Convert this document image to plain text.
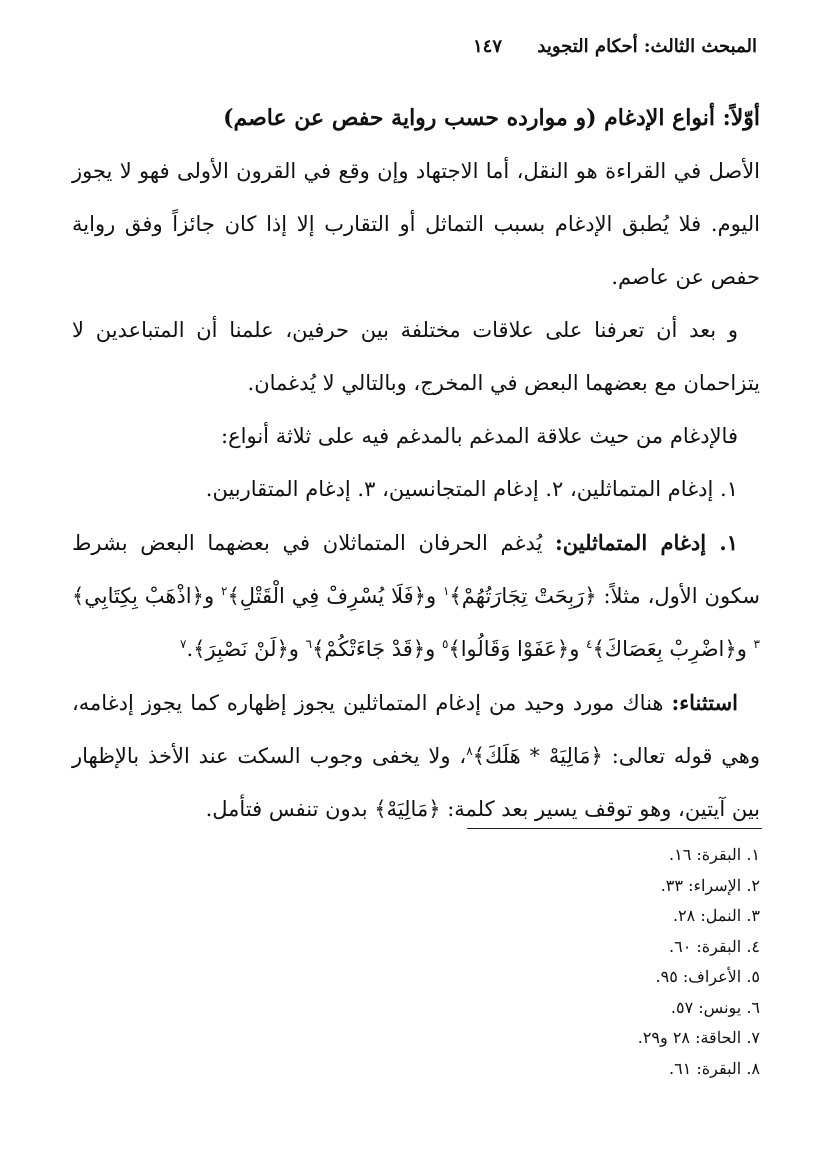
المبحث الثالث: أحكام التجويد
١٤٧

أوّلاً: أنواع الإدغام (و موارده حسب رواية حفص عن عاصم)

الأصل في القراءة هو النقل، أما الاجتهاد وإن وقع في القرون الأولى فهو لا يجوز اليوم. فلا يُطبق الإدغام بسبب التماثل أو التقارب إلا إذا كان جائزاً وفق رواية حفص عن عاصم.

و بعد أن تعرفنا على علاقات مختلفة بين حرفين، علمنا أن المتباعدين لا يتزاحمان مع بعضهما البعض في المخرج، وبالتالي لا يُدغمان.

فالإدغام من حيث علاقة المدغم بالمدغم فيه على ثلاثة أنواع:

١. إدغام المتماثلين، ٢. إدغام المتجانسين، ٣. إدغام المتقاربين.

١. إدغام المتماثلين: يُدغم الحرفان المتماثلان في بعضهما البعض بشرط سكون الأول، مثلاً: ﴿رَبِحَتْ تِجَارَتُهُمْ﴾$^١$ و﴿فَلَا يُسْرِفْ فِي الْقَتْلِ﴾$^٢$ و﴿اذْهَبْ بِكِتَابِي﴾$^٣$ و﴿اضْرِبْ بِعَصَاكَ﴾$^٤$ و﴿عَفَوْا وَقَالُوا﴾$^٥$ و﴿قَدْ جَاءَتْكُمْ﴾$^٦$ و﴿لَنْ نَصْبِرَ﴾.$^٧$

استثناء: هناك مورد وحيد من إدغام المتماثلين يجوز إظهاره كما يجوز إدغامه، وهي قوله تعالى: ﴿مَالِيَهْ * هَلَكَ﴾$^٨$، ولا يخفى وجوب السكت عند الأخذ بالإظهار بين آيتين، وهو توقف يسير بعد كلمة: ﴿مَالِيَهْ﴾ بدون تنفس فتأمل.

١. البقرة: ١٦.
٢. الإسراء: ٣٣.
٣. النمل: ٢٨.
٤. البقرة: ٦٠.
٥. الأعراف: ٩٥.
٦. يونس: ٥٧.
٧. الحاقة: ٢٨ و٢٩.
٨. البقرة: ٦١.
